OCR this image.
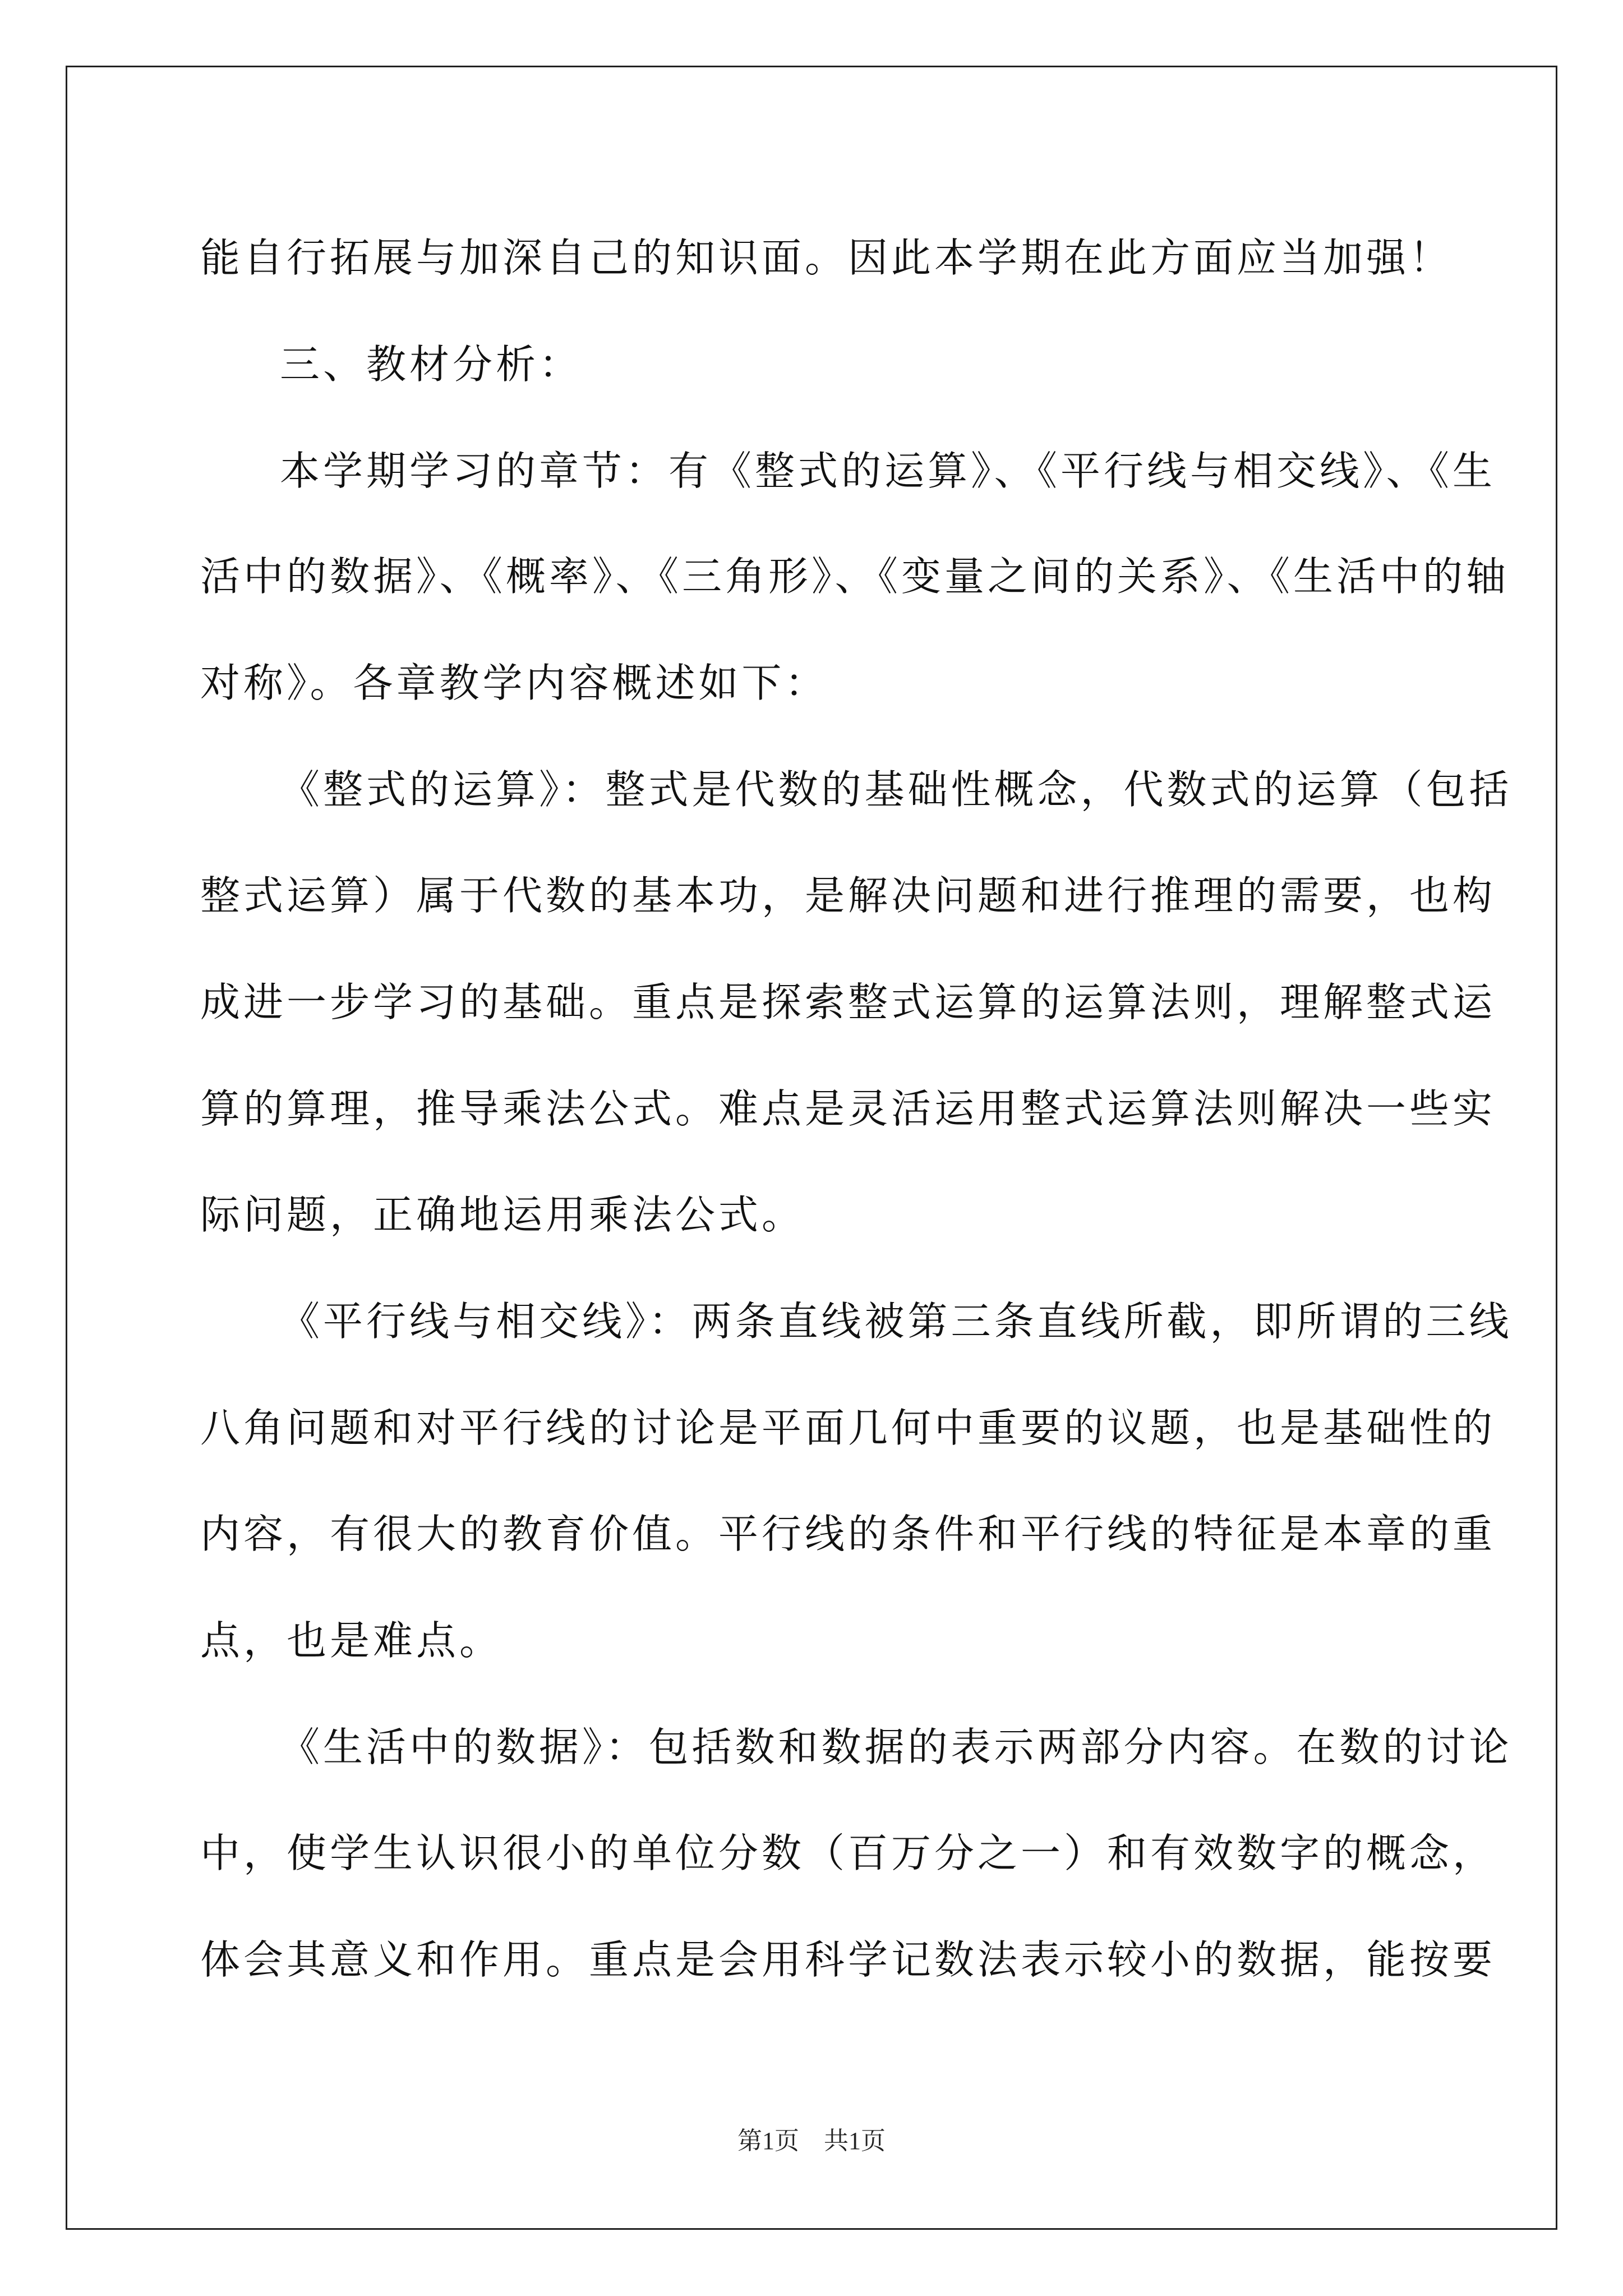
能自行拓展与加深自己的知识面。因此本学期在此方面应当加强！
三、教材分析：
本学期学习的章节：有《整式的运算》、《平行线与相交线》、《生
活中的数据》、《概率》、《三角形》、《变量之间的关系》、《生活中的轴
对称》。各章教学内容概述如下：
《整式的运算》：整式是代数的基础性概念，代数式的运算（包括
整式运算）属于代数的基本功，是解决问题和进行推理的需要，也构
成进一步学习的基础。重点是探索整式运算的运算法则，理解整式运
算的算理，推导乘法公式。难点是灵活运用整式运算法则解决一些实
际问题，正确地运用乘法公式。
《平行线与相交线》：两条直线被第三条直线所截，即所谓的三线
八角问题和对平行线的讨论是平面几何中重要的议题，也是基础性的
内容，有很大的教育价值。平行线的条件和平行线的特征是本章的重
点，也是难点。
《生活中的数据》：包括数和数据的表示两部分内容。在数的讨论
中，使学生认识很小的单位分数（百万分之一）和有效数字的概念，
体会其意义和作用。重点是会用科学记数法表示较小的数据，能按要
第1页　共1页
